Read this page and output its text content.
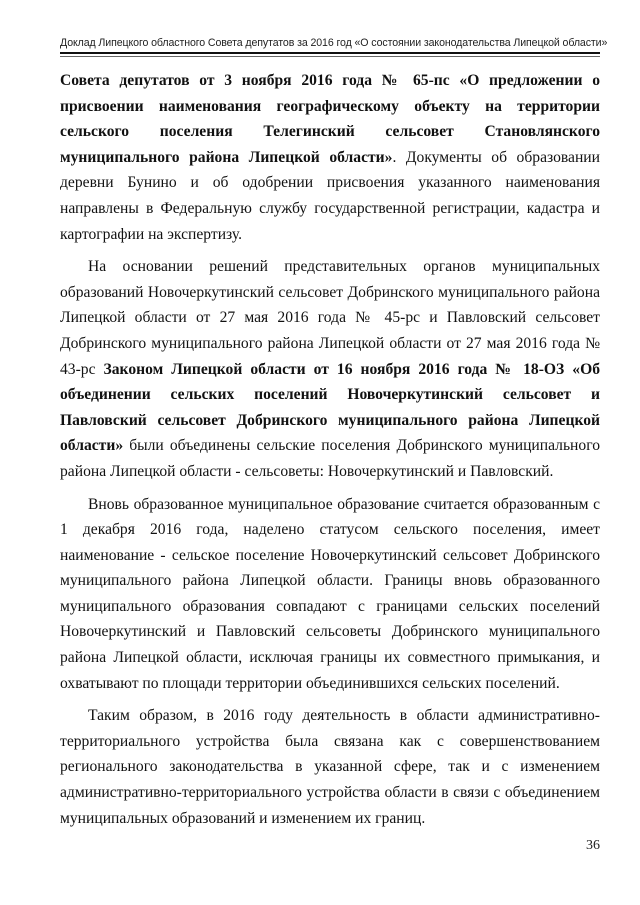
Доклад Липецкого областного Совета депутатов за 2016 год «О состоянии законодательства Липецкой области»

Совета депутатов от 3 ноября 2016 года № 65-пс «О предложении о присвоении наименования географическому объекту на территории сельского поселения Телегинский сельсовет Становлянского муниципального района Липецкой области». Документы об образовании деревни Бунино и об одобрении присвоения указанного наименования направлены в Федеральную службу государственной регистрации, кадастра и картографии на экспертизу.

На основании решений представительных органов муниципальных образований Новочеркутинский сельсовет Добринского муниципального района Липецкой области от 27 мая 2016 года № 45-рс и Павловский сельсовет Добринского муниципального района Липецкой области от 27 мая 2016 года № 43-рс Законом Липецкой области от 16 ноября 2016 года № 18-ОЗ «Об объединении сельских поселений Новочеркутинский сельсовет и Павловский сельсовет Добринского муниципального района Липецкой области» были объединены сельские поселения Добринского муниципального района Липецкой области - сельсоветы: Новочеркутинский и Павловский.

Вновь образованное муниципальное образование считается образованным с 1 декабря 2016 года, наделено статусом сельского поселения, имеет наименование - сельское поселение Новочеркутинский сельсовет Добринского муниципального района Липецкой области. Границы вновь образованного муниципального образования совпадают с границами сельских поселений Новочеркутинский и Павловский сельсоветы Добринского муниципального района Липецкой области, исключая границы их совместного примыкания, и охватывают по площади территории объединившихся сельских поселений.

Таким образом, в 2016 году деятельность в области административно-территориального устройства была связана как с совершенствованием регионального законодательства в указанной сфере, так и с изменением административно-территориального устройства области в связи с объединением муниципальных образований и изменением их границ.

36
